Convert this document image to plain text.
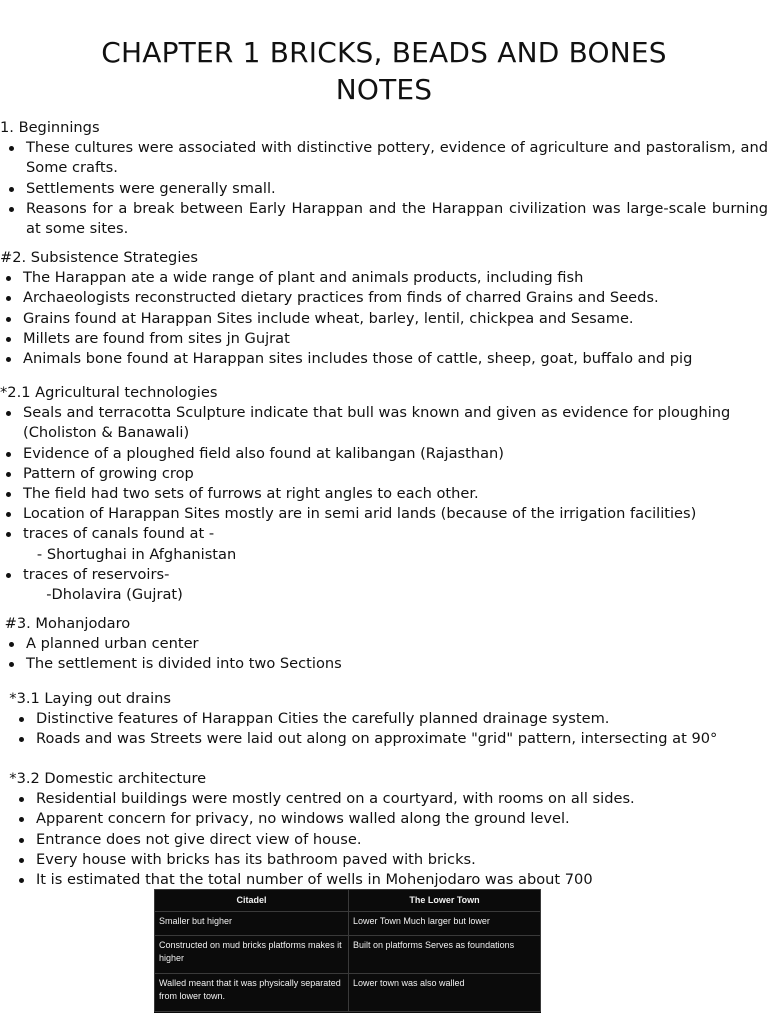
CHAPTER 1 BRICKS, BEADS AND BONES
NOTES
1. Beginnings
These cultures were associated with distinctive pottery, evidence of agriculture and pastoralism, and Some crafts.
Settlements were generally small.
Reasons for a break between Early Harappan and the Harappan civilization was large-scale burning at some sites.
#2. Subsistence Strategies
The Harappan ate a wide range of plant and animals products, including fish
Archaeologists reconstructed dietary practices from finds of charred Grains and Seeds.
Grains found at Harappan Sites include wheat, barley, lentil, chickpea and Sesame.
Millets are found from sites jn Gujrat
Animals bone found at Harappan sites includes those of cattle, sheep, goat, buffalo and pig
*2.1 Agricultural technologies
Seals and terracotta Sculpture indicate that bull was known and given as evidence for ploughing (Choliston & Banawali)
Evidence of a ploughed field also found at kalibangan (Rajasthan)
Pattern of growing crop
The field had two sets of furrows at right angles to each other.
Location of Harappan Sites mostly are in semi arid lands (because of the irrigation facilities)
traces of canals found at -
- Shortughai in Afghanistan
traces of reservoirs-
-Dholavira (Gujrat)
#3. Mohanjodaro
A planned urban center
The settlement is divided into two Sections
*3.1 Laying out drains
Distinctive features of Harappan Cities the carefully planned drainage system.
Roads and was Streets were laid out along on approximate "grid" pattern, intersecting at 90°
*3.2 Domestic architecture
Residential buildings were mostly centred on a courtyard, with rooms on all sides.
Apparent concern for privacy, no windows walled along the ground level.
Entrance does not give direct view of house.
Every house with bricks has its bathroom paved with bricks.
It is estimated that the total number of wells in Mohenjodaro was about 700
Citadel	The Lower Town
Smaller but higher	Lower Town Much larger but lower
Constructed on mud bricks platforms makes it higher	Built on platforms Serves as foundations
Walled meant that it was physically separated from lower town.	Lower town was also walled
